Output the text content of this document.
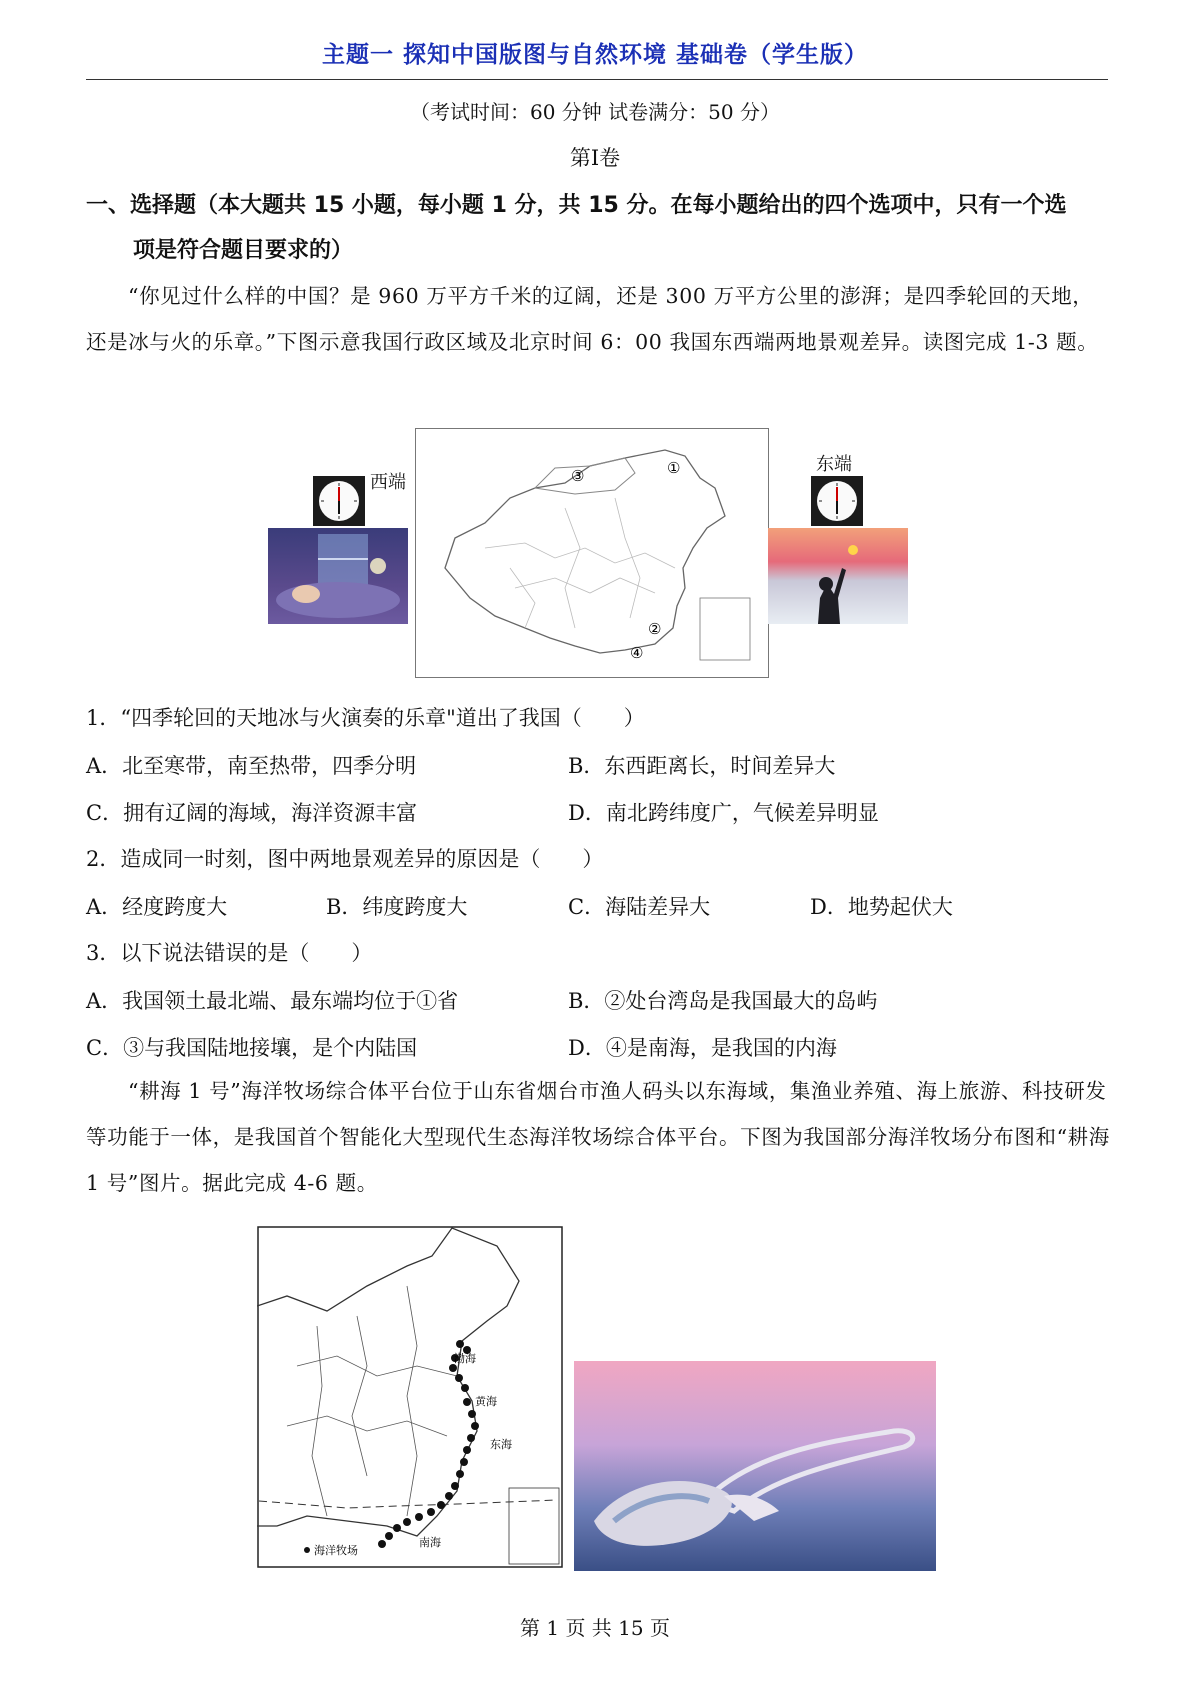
主题一 探知中国版图与自然环境 基础卷（学生版）
（考试时间：60 分钟 试卷满分：50 分）
第I卷
一、选择题（本大题共 15 小题，每小题 1 分，共 15 分。在每小题给出的四个选项中，只有一个选
项是符合题目要求的）
“你见过什么样的中国？是 960 万平方千米的辽阔，还是 300 万平方公里的澎湃；是四季轮回的天地，还是冰与火的乐章。”下图示意我国行政区域及北京时间 6：00 我国东西端两地景观差异。读图完成 1-3 题。
西端	③	①
②
④
东端
1．“四季轮回的天地冰与火演奏的乐章"道出了我国（　　）
A．北至寒带，南至热带，四季分明	B．东西距离长，时间差异大
C．拥有辽阔的海域，海洋资源丰富	D．南北跨纬度广，气候差异明显
2．造成同一时刻，图中两地景观差异的原因是（　　）
A．经度跨度大	B．纬度跨度大	C．海陆差异大	D．地势起伏大
3．以下说法错误的是（　　）
A．我国领土最北端、最东端均位于①省	B．②处台湾岛是我国最大的岛屿
C．③与我国陆地接壤，是个内陆国	D．④是南海，是我国的内海
“耕海 1 号”海洋牧场综合体平台位于山东省烟台市渔人码头以东海域，集渔业养殖、海上旅游、科技研发等功能于一体，是我国首个智能化大型现代生态海洋牧场综合体平台。下图为我国部分海洋牧场分布图和“耕海 1 号”图片。据此完成 4-6 题。
渤海
黄海
东海
南海
海洋牧场
第 1 页 共 15 页
